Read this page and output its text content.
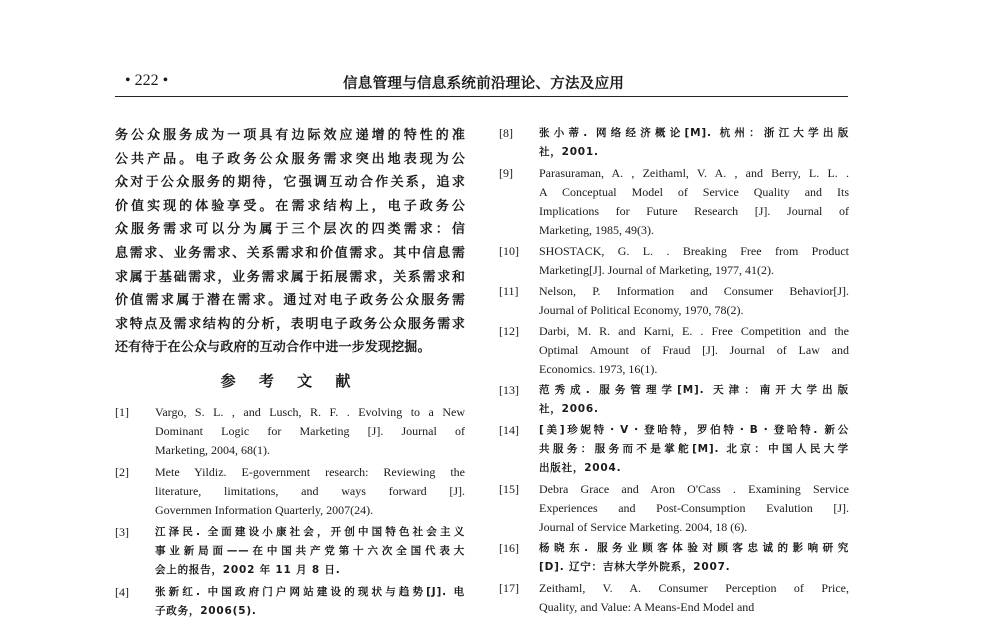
• 222 •	信息管理与信息系统前沿理论、方法及应用
务公众服务成为一项具有边际效应递增的特性的准
公共产品。电子政务公众服务需求突出地表现为公
众对于公众服务的期待，它强调互动合作关系，追求
价值实现的体验享受。在需求结构上，电子政务公
众服务需求可以分为属于三个层次的四类需求：信
息需求、业务需求、关系需求和价值需求。其中信息需
求属于基础需求，业务需求属于拓展需求，关系需求和
价值需求属于潜在需求。通过对电子政务公众服务需
求特点及需求结构的分析，表明电子政务公众服务需求
还有待于在公众与政府的互动合作中进一步发现挖掘。
参 考 文 献
[1] Vargo, S. L. , and Lusch, R. F. . Evolving to a New
Dominant Logic for Marketing [J]. Journal of
Marketing, 2004, 68(1).
[2] Mete Yildiz. E-government research: Reviewing the
literature, limitations, and ways forward [J].
Governmen Information Quarterly, 2007(24).
[3] 江泽民. 全面建设小康社会，开创中国特色社会主义
事业新局面——在中国共产党第十六次全国代表大
会上的报告，2002 年 11 月 8 日.
[4] 张新红. 中国政府门户网站建设的现状与趋势[J]. 电
子政务，2006(5).
[8] 张小蒂. 网络经济概论[M]. 杭州：浙江大学出版
社，2001.
[9] Parasuraman, A. , Zeithaml, V. A. , and Berry, L. L. .
A Conceptual Model of Service Quality and Its
Implications for Future Research [J]. Journal of
Marketing, 1985, 49(3).
[10] SHOSTACK, G. L. . Breaking Free from Product
Marketing[J]. Journal of Marketing, 1977, 41(2).
[11] Nelson, P. Information and Consumer Behavior[J].
Journal of Political Economy, 1970, 78(2).
[12] Darbi, M. R. and Karni, E. . Free Competition and the
Optimal Amount of Fraud [J]. Journal of Law and
Economics. 1973, 16(1).
[13] 范秀成. 服务管理学[M]. 天津：南开大学出版
社，2006.
[14] [美]珍妮特・V・登哈特，罗伯特・B・登哈特. 新公
共服务：服务而不是掌舵[M]. 北京：中国人民大学
出版社，2004.
[15] Debra Grace and Aron O'Cass . Examining Service
Experiences and Post-Consumption Evalution [J].
Journal of Service Marketing. 2004, 18 (6).
[16] 杨晓东. 服务业顾客体验对顾客忠诚的影响研究
[D]. 辽宁：吉林大学外院系，2007.
[17] Zeithaml, V. A. Consumer Perception of Price,
Quality, and Value: A Means-End Model and
